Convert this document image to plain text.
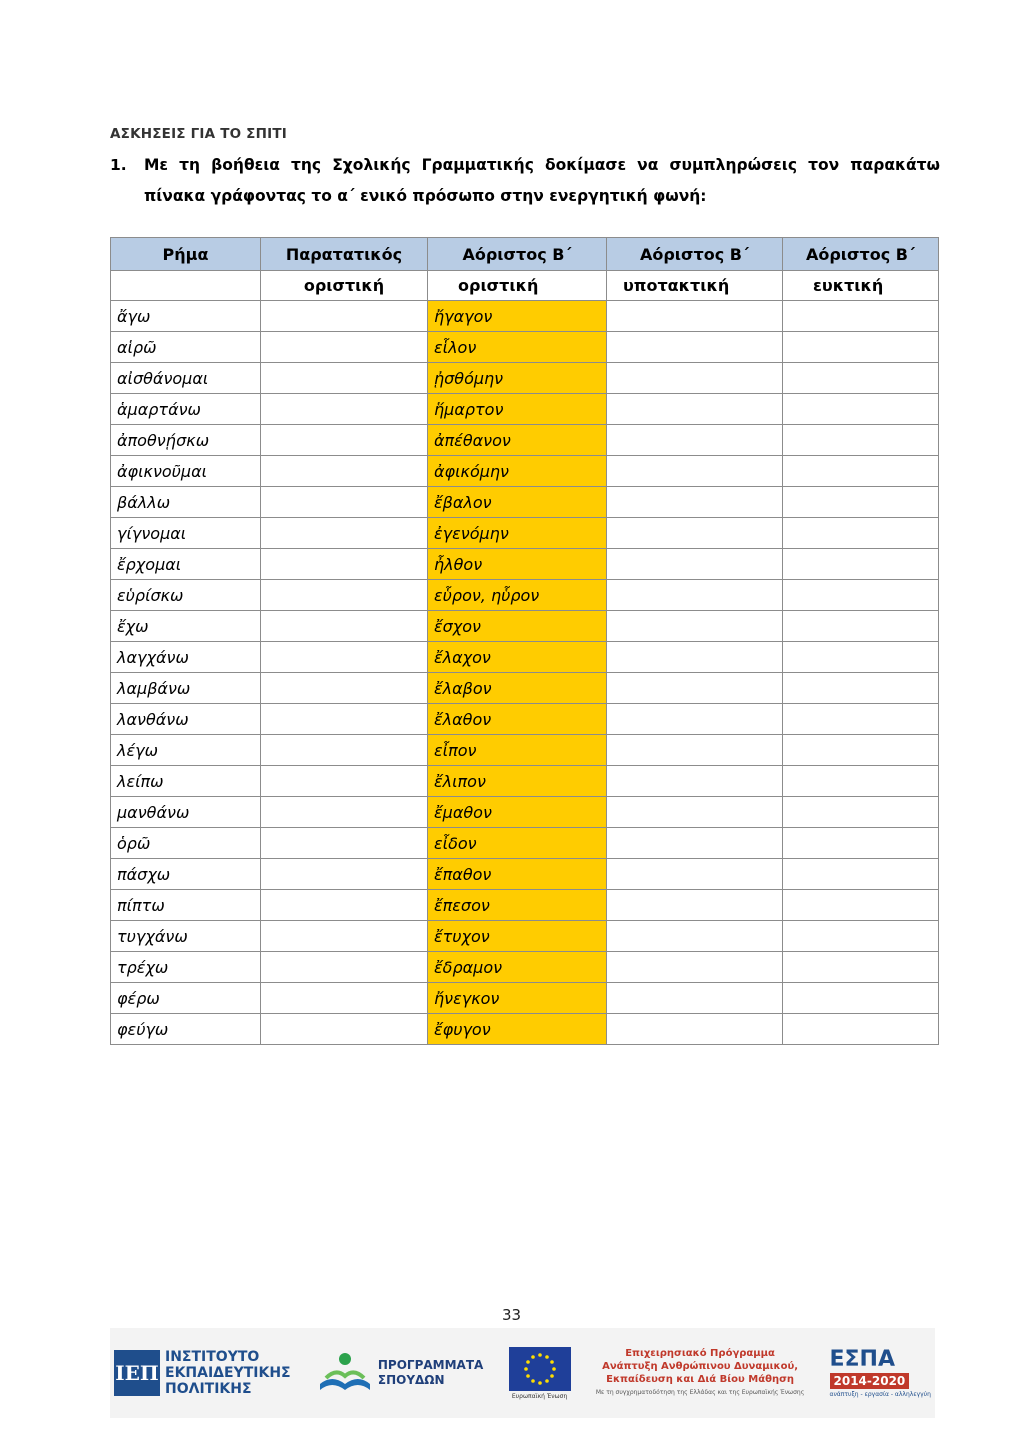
ΑΣΚΗΣΕΙΣ ΓΙΑ ΤΟ ΣΠΙΤΙ
1. Με τη βοήθεια της Σχολικής Γραμματικής δοκίμασε να συμπληρώσεις τον παρακάτω πίνακα γράφοντας το α΄ ενικό πρόσωπο στην ενεργητική φωνή:
Ρήμα	Παρατατικός	Αόριστος Β΄	Αόριστος Β΄	Αόριστος Β΄
	οριστική	οριστική	υποτακτική	ευκτική
ἄγω		ἤγαγον		
αἱρῶ		εἷλον		
αἰσθάνομαι		ᾐσθόμην		
ἁμαρτάνω		ἥμαρτον		
ἀποθνῄσκω		ἀπέθανον		
ἀφικνοῦμαι		ἀφικόμην		
βάλλω		ἔβαλον		
γίγνομαι		ἐγενόμην		
ἔρχομαι		ἦλθον		
εὑρίσκω		εὗρον, ηὗρον		
ἔχω		ἔσχον		
λαγχάνω		ἔλαχον		
λαμβάνω		ἔλαβον		
λανθάνω		ἔλαθον		
λέγω		εἶπον		
λείπω		ἔλιπον		
μανθάνω		ἔμαθον		
ὁρῶ		εἶδον		
πάσχω		ἔπαθον		
πίπτω		ἔπεσον		
τυγχάνω		ἔτυχον		
τρέχω		ἔδραμον		
φέρω		ἤνεγκον		
φεύγω		ἔφυγον		
33
ΙΕΠ
ΙΝΣΤΙΤΟΥΤΟ
ΕΚΠΑΙΔΕΥΤΙΚΗΣ
ΠΟΛΙΤΙΚΗΣ
ΠΡΟΓΡΑΜΜΑΤΑ
ΣΠΟΥΔΩΝ
Ευρωπαϊκή Ένωση
Επιχειρησιακό Πρόγραμμα
Ανάπτυξη Ανθρώπινου Δυναμικού,
Εκπαίδευση και Διά Βίου Μάθηση
Με τη συγχρηματοδότηση της Ελλάδας και της Ευρωπαϊκής Ένωσης
ΕΣΠΑ
2014-2020
ανάπτυξη - εργασία - αλληλεγγύη
